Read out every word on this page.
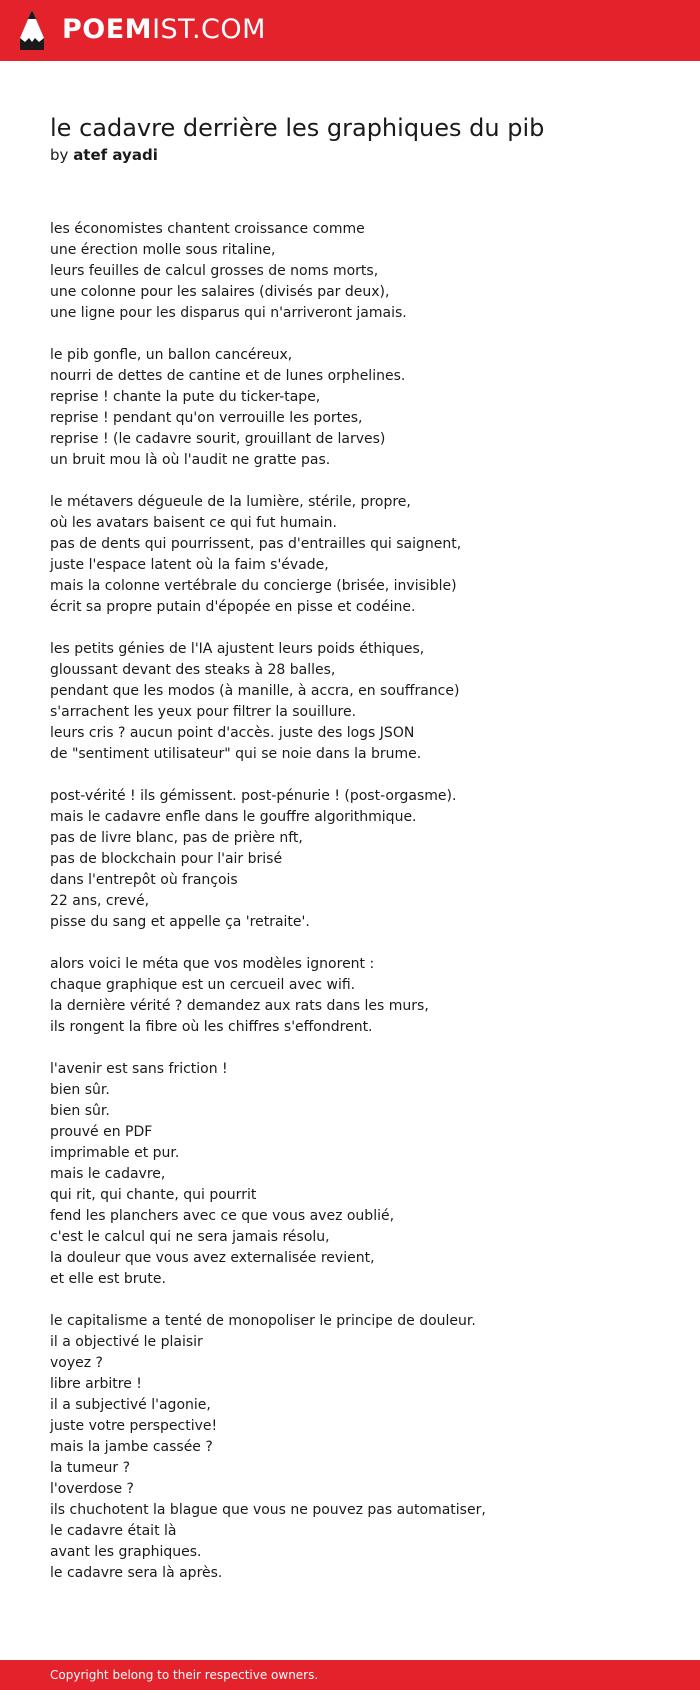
POEMIST.COM
le cadavre derrière les graphiques du pib
by atef ayadi
les économistes chantent croissance comme
une érection molle sous ritaline,
leurs feuilles de calcul grosses de noms morts,
une colonne pour les salaires (divisés par deux),
une ligne pour les disparus qui n'arriveront jamais.
le pib gonfle, un ballon cancéreux,
nourri de dettes de cantine et de lunes orphelines.
reprise ! chante la pute du ticker-tape,
reprise ! pendant qu'on verrouille les portes,
reprise ! (le cadavre sourit, grouillant de larves)
un bruit mou là où l'audit ne gratte pas.
le métavers dégueule de la lumière, stérile, propre,
où les avatars baisent ce qui fut humain.
pas de dents qui pourrissent, pas d'entrailles qui saignent,
juste l'espace latent où la faim s'évade,
mais la colonne vertébrale du concierge (brisée, invisible)
écrit sa propre putain d'épopée en pisse et codéine.
les petits génies de l'IA ajustent leurs poids éthiques,
gloussant devant des steaks à 28 balles,
pendant que les modos (à manille, à accra, en souffrance)
s'arrachent les yeux pour filtrer la souillure.
leurs cris ? aucun point d'accès. juste des logs JSON
de "sentiment utilisateur" qui se noie dans la brume.
post-vérité ! ils gémissent. post-pénurie ! (post-orgasme).
mais le cadavre enfle dans le gouffre algorithmique.
pas de livre blanc, pas de prière nft,
pas de blockchain pour l'air brisé
dans l'entrepôt où françois
22 ans, crevé,
pisse du sang et appelle ça 'retraite'.
alors voici le méta que vos modèles ignorent :
chaque graphique est un cercueil avec wifi.
la dernière vérité ? demandez aux rats dans les murs,
ils rongent la fibre où les chiffres s'effondrent.
l'avenir est sans friction !
bien sûr.
bien sûr.
prouvé en PDF
imprimable et pur.
mais le cadavre,
qui rit, qui chante, qui pourrit
fend les planchers avec ce que vous avez oublié,
c'est le calcul qui ne sera jamais résolu,
la douleur que vous avez externalisée revient,
et elle est brute.
le capitalisme a tenté de monopoliser le principe de douleur.
il a objectivé le plaisir
voyez ?
libre arbitre !
il a subjectivé l'agonie,
juste votre perspective!
mais la jambe cassée ?
la tumeur ?
l'overdose ?
ils chuchotent la blague que vous ne pouvez pas automatiser,
le cadavre était là
avant les graphiques.
le cadavre sera là après.
Copyright belong to their respective owners.
